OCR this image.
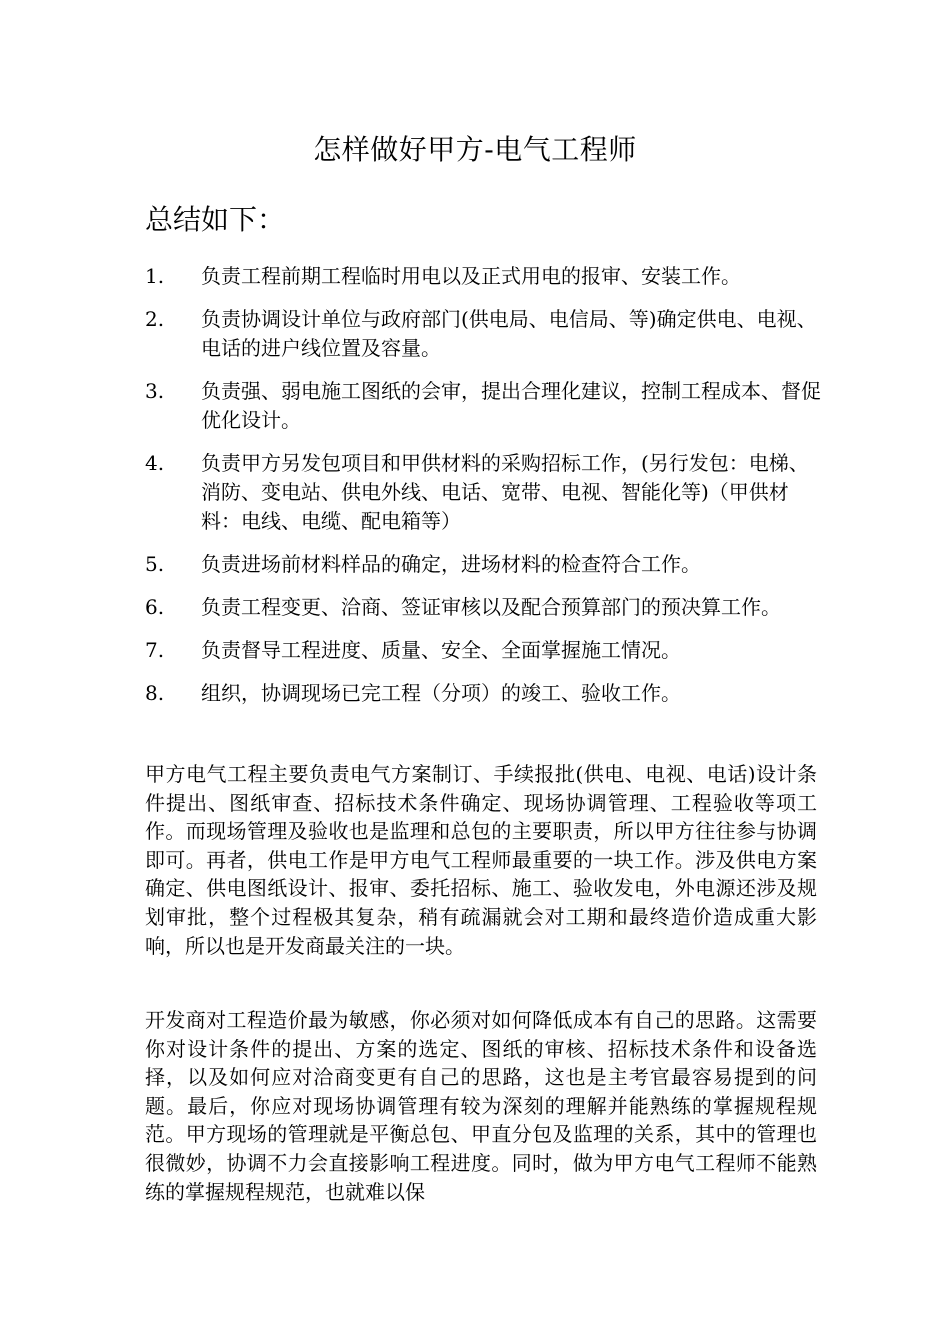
怎样做好甲方-电气工程师
总结如下：
1.	负责工程前期工程临时用电以及正式用电的报审、安装工作。
2.	负责协调设计单位与政府部门(供电局、电信局、等)确定供电、电视、电话的进户线位置及容量。
3.	负责强、弱电施工图纸的会审，提出合理化建议，控制工程成本、督促优化设计。
4.	负责甲方另发包项目和甲供材料的采购招标工作，(另行发包：电梯、消防、变电站、供电外线、电话、宽带、电视、智能化等)（甲供材料：电线、电缆、配电箱等）
5.	负责进场前材料样品的确定，进场材料的检查符合工作。
6.	负责工程变更、洽商、签证审核以及配合预算部门的预决算工作。
7.	负责督导工程进度、质量、安全、全面掌握施工情况。
8.	组织，协调现场已完工程（分项）的竣工、验收工作。

甲方电气工程主要负责电气方案制订、手续报批(供电、电视、电话)设计条件提出、图纸审查、招标技术条件确定、现场协调管理、工程验收等项工作。而现场管理及验收也是监理和总包的主要职责，所以甲方往往参与协调即可。再者，供电工作是甲方电气工程师最重要的一块工作。涉及供电方案确定、供电图纸设计、报审、委托招标、施工、验收发电，外电源还涉及规划审批，整个过程极其复杂，稍有疏漏就会对工期和最终造价造成重大影响，所以也是开发商最关注的一块。

开发商对工程造价最为敏感，你必须对如何降低成本有自己的思路。这需要你对设计条件的提出、方案的选定、图纸的审核、招标技术条件和设备选择，以及如何应对洽商变更有自己的思路，这也是主考官最容易提到的问题。最后，你应对现场协调管理有较为深刻的理解并能熟练的掌握规程规范。甲方现场的管理就是平衡总包、甲直分包及监理的关系，其中的管理也很微妙，协调不力会直接影响工程进度。同时，做为甲方电气工程师不能熟练的掌握规程规范，也就难以保
